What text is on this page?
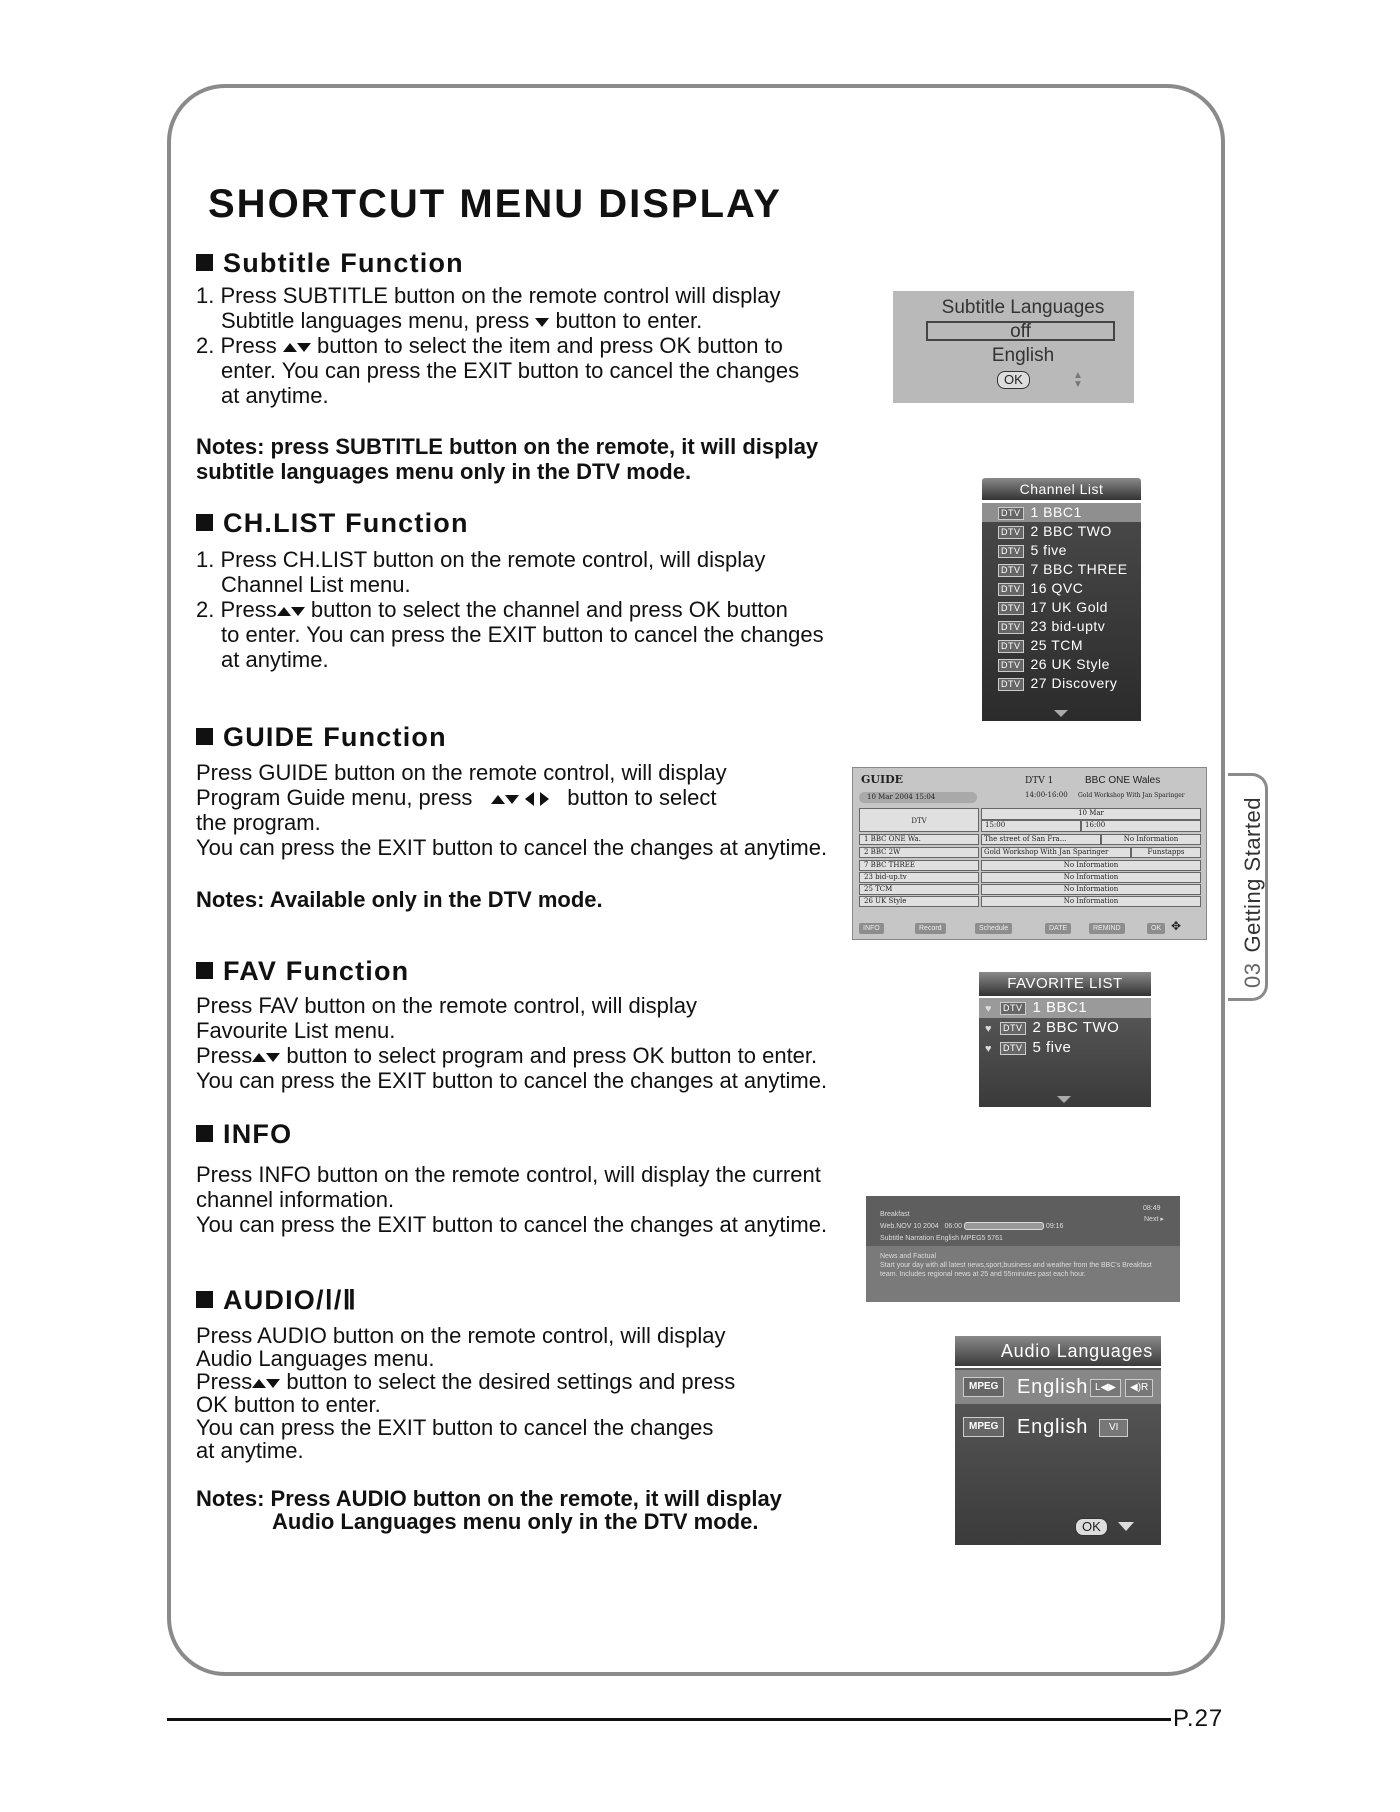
03Getting Started
SHORTCUT MENU DISPLAY
Subtitle Function

1. Press SUBTITLE button on the remote control will display

Subtitle languages menu, press button to enter.

2. Press button to select the item and press OK button to

enter. You can press the EXIT button to cancel the changes

at anytime.

Notes: press SUBTITLE button on the remote, it will display

subtitle languages menu only in the DTV mode.

Subtitle Languages
off
English
OK	▲
▼
CH.LIST Function

1. Press CH.LIST button on the remote control, will display

Channel List menu.

2. Press button to select the channel and press OK button

to enter. You can press the EXIT button to cancel the changes

at anytime.

Channel List
DTV 1 BBC1
DTV 2 BBC TWO
DTV 5 five
DTV 7 BBC THREE
DTV 16 QVC
DTV 17 UK Gold
DTV 23 bid-uptv
DTV 25 TCM
DTV 26 UK Style
DTV 27 Discovery
GUIDE Function

Press GUIDE button on the remote control, will display

Program Guide menu, press	button to select

the program.

You can press the EXIT button to cancel the changes at anytime.

Notes: Available only in the DTV mode.
GUIDE	DTV 1	BBC ONE Wales
10 Mar 2004 15:04	14:00-16:00 Gold Workshop With Jan Sparinger
DTV
10 Mar
15:00	16:00
1 BBC ONE Wa.	The street of San Fra...	No Information
2 BBC 2W	Gold Workshop With Jan Sparinger	Funstapps
7 BBC THREE	No Information
23 bid-up.tv	No Information
25 TCM	No Information
26 UK Style	No Information
INFO	Record	Schedule	DATE	REMIND	OK ✥
FAV Function

Press FAV button on the remote control, will display

Favourite List menu.

Press button to select program and press OK button to enter.

You can press the EXIT button to cancel the changes at anytime.

FAVORITE LIST
♥ DTV 1 BBC1
♥ DTV 2 BBC TWO
♥ DTV 5 five
INFO

Press INFO button on the remote control, will display the current

channel information.

You can press the EXIT button to cancel the changes at anytime.	Breakfast
08:49
Next ▸
Web.NOV 10 2004 06:00	09:16
Subtitle Narration English MPEG5 5761
News and Factual
Start your day with all latest news,sport,business and weather from the BBC's Breakfast team. Includes regional news at 25 and 55minutes past each hour.
AUDIO/Ⅰ/Ⅱ

Press AUDIO button on the remote control, will display

Audio Languages menu.

Press button to select the desired settings and press

OK button to enter.

You can press the EXIT button to cancel the changes

at anytime.

Notes: Press AUDIO button on the remote, it will display

Audio Languages menu only in the DTV mode.

Audio Languages
MPEG English L◀▶	◀)R
MPEG English	VI
OK
P.27
